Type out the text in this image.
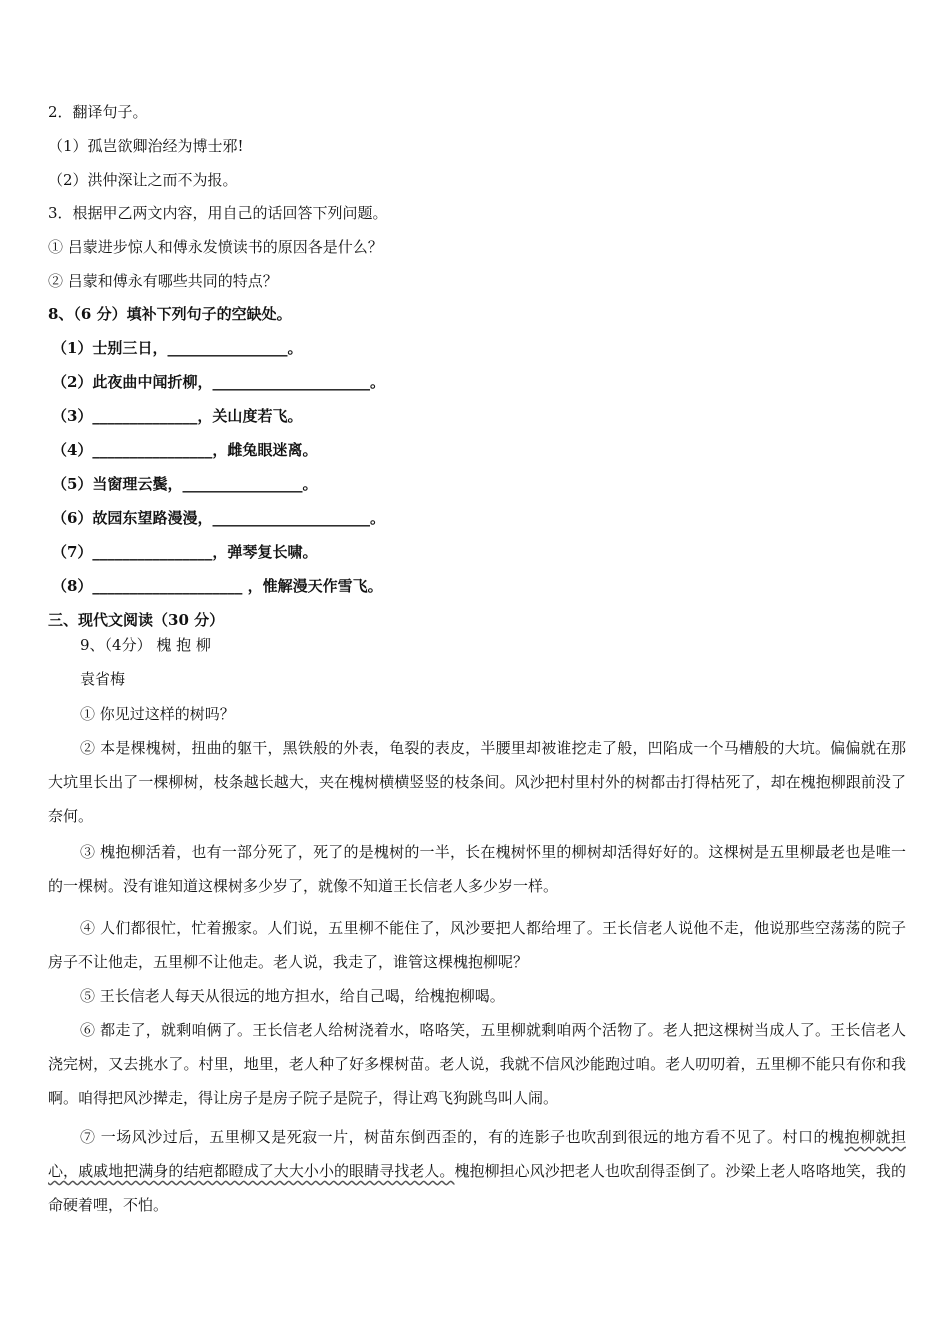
2．翻译句子。
（1）孤岂欲卿治经为博士邪!
（2）洪仲深让之而不为报。
3．根据甲乙两文内容，用自己的话回答下列问题。
① 吕蒙进步惊人和傅永发愤读书的原因各是什么？
② 吕蒙和傅永有哪些共同的特点？
8、（6 分）填补下列句子的空缺处。
（1）士别三日，________________。
（2）此夜曲中闻折柳，_____________________。
（3）______________，关山度若飞。
（4）________________，雌兔眼迷离。
（5）当窗理云鬓，________________。
（6）故园东望路漫漫，_____________________。
（7）________________，弹琴复长啸。
（8）____________________ ，惟解漫天作雪飞。
三、现代文阅读（30 分）
9、（4分） 槐 抱 柳
袁省梅
① 你见过这样的树吗？
② 本是棵槐树，扭曲的躯干，黑铁般的外表，龟裂的表皮，半腰里却被谁挖走了般，凹陷成一个马槽般的大坑。偏偏就在那大坑里长出了一棵柳树，枝条越长越大，夹在槐树横横竖竖的枝条间。风沙把村里村外的树都击打得枯死了，却在槐抱柳跟前没了奈何。
③ 槐抱柳活着，也有一部分死了，死了的是槐树的一半，长在槐树怀里的柳树却活得好好的。这棵树是五里柳最老也是唯一的一棵树。没有谁知道这棵树多少岁了，就像不知道王长信老人多少岁一样。
④ 人们都很忙，忙着搬家。人们说，五里柳不能住了，风沙要把人都给埋了。王长信老人说他不走，他说那些空荡荡的院子房子不让他走，五里柳不让他走。老人说，我走了，谁管这棵槐抱柳呢？
⑤ 王长信老人每天从很远的地方担水，给自己喝，给槐抱柳喝。
⑥ 都走了，就剩咱俩了。王长信老人给树浇着水，咯咯笑，五里柳就剩咱两个活物了。老人把这棵树当成人了。王长信老人浇完树，又去挑水了。村里，地里，老人种了好多棵树苗。老人说，我就不信风沙能跑过咱。老人叨叨着，五里柳不能只有你和我啊。咱得把风沙撵走，得让房子是房子院子是院子，得让鸡飞狗跳鸟叫人闹。
⑦ 一场风沙过后，五里柳又是死寂一片，树苗东倒西歪的，有的连影子也吹刮到很远的地方看不见了。村口的槐抱柳就担心，戚戚地把满身的结疤都瞪成了大大小小的眼睛寻找老人。槐抱柳担心风沙把老人也吹刮得歪倒了。沙梁上老人咯咯地笑，我的命硬着哩，不怕。
